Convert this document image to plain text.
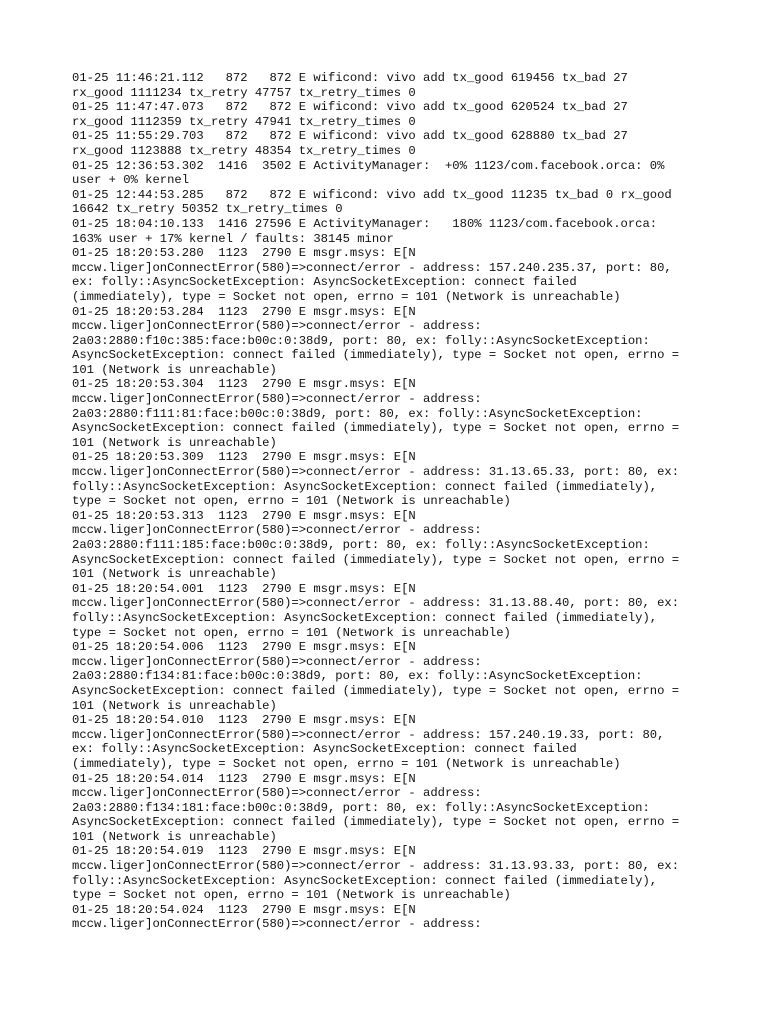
01-25 11:46:21.112   872   872 E wificond: vivo add tx_good 619456 tx_bad 27
rx_good 1111234 tx_retry 47757 tx_retry_times 0
01-25 11:47:47.073   872   872 E wificond: vivo add tx_good 620524 tx_bad 27
rx_good 1112359 tx_retry 47941 tx_retry_times 0
01-25 11:55:29.703   872   872 E wificond: vivo add tx_good 628880 tx_bad 27
rx_good 1123888 tx_retry 48354 tx_retry_times 0
01-25 12:36:53.302  1416  3502 E ActivityManager:  +0% 1123/com.facebook.orca: 0%
user + 0% kernel
01-25 12:44:53.285   872   872 E wificond: vivo add tx_good 11235 tx_bad 0 rx_good
16642 tx_retry 50352 tx_retry_times 0
01-25 18:04:10.133  1416 27596 E ActivityManager:   180% 1123/com.facebook.orca:
163% user + 17% kernel / faults: 38145 minor
01-25 18:20:53.280  1123  2790 E msgr.msys: E[N
mccw.liger]onConnectError(580)=>connect/error - address: 157.240.235.37, port: 80,
ex: folly::AsyncSocketException: AsyncSocketException: connect failed
(immediately), type = Socket not open, errno = 101 (Network is unreachable)
01-25 18:20:53.284  1123  2790 E msgr.msys: E[N
mccw.liger]onConnectError(580)=>connect/error - address:
2a03:2880:f10c:385:face:b00c:0:38d9, port: 80, ex: folly::AsyncSocketException:
AsyncSocketException: connect failed (immediately), type = Socket not open, errno =
101 (Network is unreachable)
01-25 18:20:53.304  1123  2790 E msgr.msys: E[N
mccw.liger]onConnectError(580)=>connect/error - address:
2a03:2880:f111:81:face:b00c:0:38d9, port: 80, ex: folly::AsyncSocketException:
AsyncSocketException: connect failed (immediately), type = Socket not open, errno =
101 (Network is unreachable)
01-25 18:20:53.309  1123  2790 E msgr.msys: E[N
mccw.liger]onConnectError(580)=>connect/error - address: 31.13.65.33, port: 80, ex:
folly::AsyncSocketException: AsyncSocketException: connect failed (immediately),
type = Socket not open, errno = 101 (Network is unreachable)
01-25 18:20:53.313  1123  2790 E msgr.msys: E[N
mccw.liger]onConnectError(580)=>connect/error - address:
2a03:2880:f111:185:face:b00c:0:38d9, port: 80, ex: folly::AsyncSocketException:
AsyncSocketException: connect failed (immediately), type = Socket not open, errno =
101 (Network is unreachable)
01-25 18:20:54.001  1123  2790 E msgr.msys: E[N
mccw.liger]onConnectError(580)=>connect/error - address: 31.13.88.40, port: 80, ex:
folly::AsyncSocketException: AsyncSocketException: connect failed (immediately),
type = Socket not open, errno = 101 (Network is unreachable)
01-25 18:20:54.006  1123  2790 E msgr.msys: E[N
mccw.liger]onConnectError(580)=>connect/error - address:
2a03:2880:f134:81:face:b00c:0:38d9, port: 80, ex: folly::AsyncSocketException:
AsyncSocketException: connect failed (immediately), type = Socket not open, errno =
101 (Network is unreachable)
01-25 18:20:54.010  1123  2790 E msgr.msys: E[N
mccw.liger]onConnectError(580)=>connect/error - address: 157.240.19.33, port: 80,
ex: folly::AsyncSocketException: AsyncSocketException: connect failed
(immediately), type = Socket not open, errno = 101 (Network is unreachable)
01-25 18:20:54.014  1123  2790 E msgr.msys: E[N
mccw.liger]onConnectError(580)=>connect/error - address:
2a03:2880:f134:181:face:b00c:0:38d9, port: 80, ex: folly::AsyncSocketException:
AsyncSocketException: connect failed (immediately), type = Socket not open, errno =
101 (Network is unreachable)
01-25 18:20:54.019  1123  2790 E msgr.msys: E[N
mccw.liger]onConnectError(580)=>connect/error - address: 31.13.93.33, port: 80, ex:
folly::AsyncSocketException: AsyncSocketException: connect failed (immediately),
type = Socket not open, errno = 101 (Network is unreachable)
01-25 18:20:54.024  1123  2790 E msgr.msys: E[N
mccw.liger]onConnectError(580)=>connect/error - address:
